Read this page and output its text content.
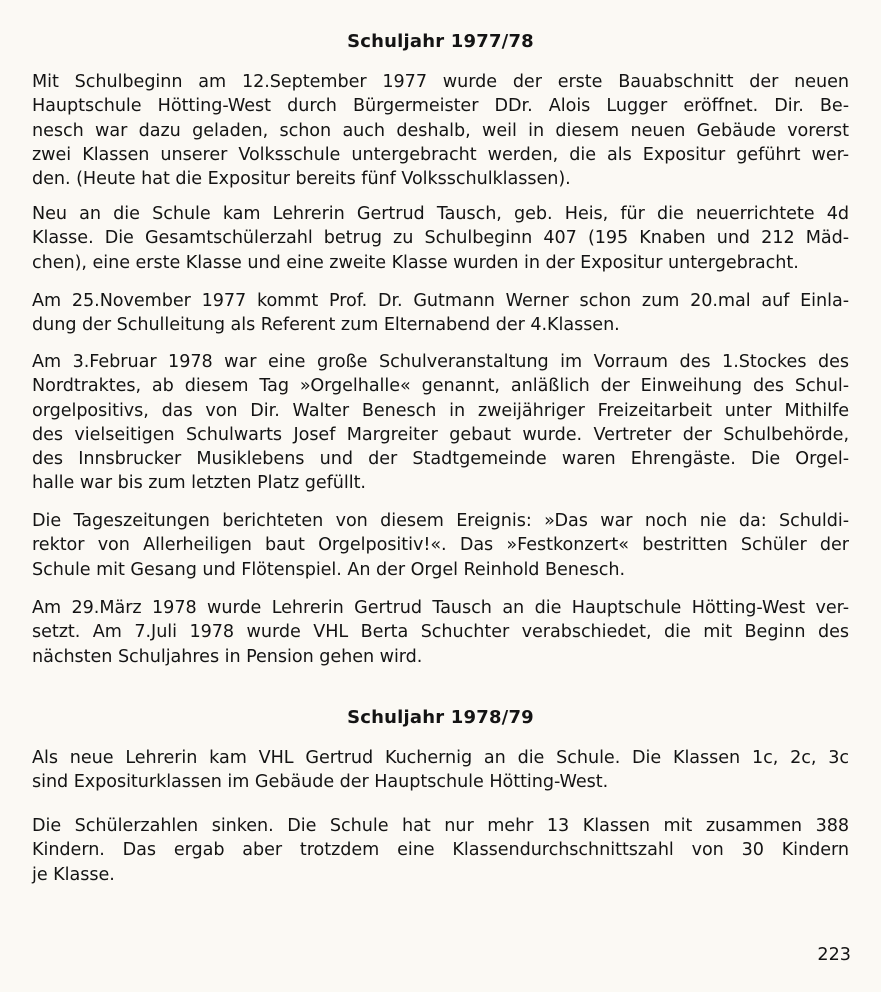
Schuljahr 1977/78

Mit Schulbeginn am 12.September 1977 wurde der erste Bauabschnitt der neuen
Hauptschule Hötting-West durch Bürgermeister DDr. Alois Lugger eröffnet. Dir. Be-
nesch war dazu geladen, schon auch deshalb, weil in diesem neuen Gebäude vorerst
zwei Klassen unserer Volksschule untergebracht werden, die als Expositur geführt wer-
den. (Heute hat die Expositur bereits fünf Volksschulklassen).

Neu an die Schule kam Lehrerin Gertrud Tausch, geb. Heis, für die neuerrichtete 4d
Klasse. Die Gesamtschülerzahl betrug zu Schulbeginn 407 (195 Knaben und 212 Mäd-
chen), eine erste Klasse und eine zweite Klasse wurden in der Expositur untergebracht.

Am 25.November 1977 kommt Prof. Dr. Gutmann Werner schon zum 20.mal auf Einla-
dung der Schulleitung als Referent zum Elternabend der 4.Klassen.

Am 3.Februar 1978 war eine große Schulveranstaltung im Vorraum des 1.Stockes des
Nordtraktes, ab diesem Tag »Orgelhalle« genannt, anläßlich der Einweihung des Schul-
orgelpositivs, das von Dir. Walter Benesch in zweijähriger Freizeitarbeit unter Mithilfe
des vielseitigen Schulwarts Josef Margreiter gebaut wurde. Vertreter der Schulbehörde,
des Innsbrucker Musiklebens und der Stadtgemeinde waren Ehrengäste. Die Orgel-
halle war bis zum letzten Platz gefüllt.

Die Tageszeitungen berichteten von diesem Ereignis: »Das war noch nie da: Schuldi-
rektor von Allerheiligen baut Orgelpositiv!«. Das »Festkonzert« bestritten Schüler der
Schule mit Gesang und Flötenspiel. An der Orgel Reinhold Benesch.

Am 29.März 1978 wurde Lehrerin Gertrud Tausch an die Hauptschule Hötting-West ver-
setzt. Am 7.Juli 1978 wurde VHL Berta Schuchter verabschiedet, die mit Beginn des
nächsten Schuljahres in Pension gehen wird.

Schuljahr 1978/79

Als neue Lehrerin kam VHL Gertrud Kuchernig an die Schule. Die Klassen 1c, 2c, 3c
sind Expositurklassen im Gebäude der Hauptschule Hötting-West.

Die Schülerzahlen sinken. Die Schule hat nur mehr 13 Klassen mit zusammen 388
Kindern. Das ergab aber trotzdem eine Klassendurchschnittszahl von 30 Kindern
je Klasse.

223
